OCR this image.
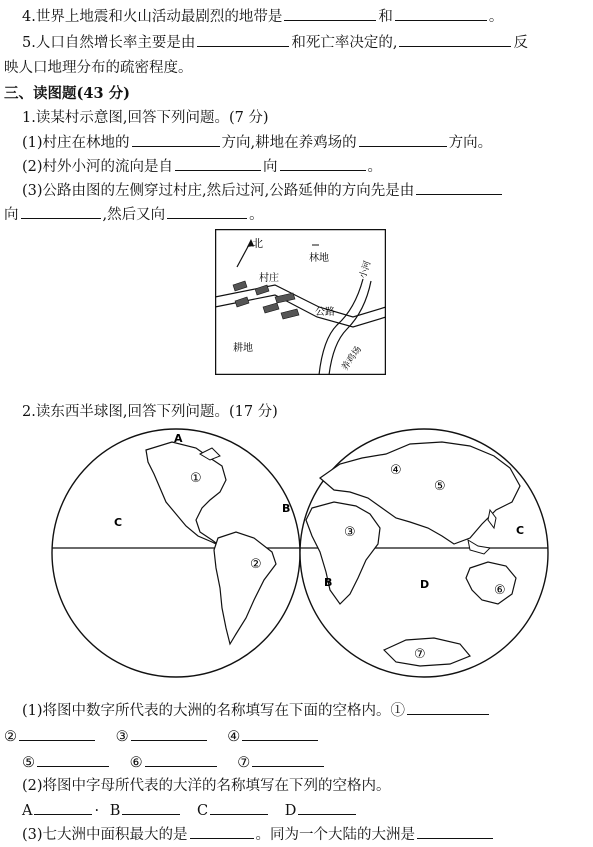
4.世界上地震和火山活动最剧烈的地带是	和	。
5.人口自然增长率主要是由	和死亡率决定的,	反
映人口地理分布的疏密程度。
三、读图题(43 分)
1.读某村示意图,回答下列问题。(7 分)
(1)村庄在林地的	方向,耕地在养鸡场的	方向。
(2)村外小河的流向是自	向	。
(3)公路由图的左侧穿过村庄,然后过河,公路延伸的方向先是由
向	,然后又向	。
北
林地
公路
村庄	小河
养鸡场
耕地
2.读东西半球图,回答下列问题。(17 分)
A
B
C
B
C
D
①
②
③
④
⑤
⑥
⑦
(1)将图中数字所代表的大洲的名称填写在下面的空格内。①
②	③	④
⑤	⑥	⑦
(2)将图中字母所代表的大洋的名称填写在下列的空格内。
A	· B	C	D
(3)七大洲中面积最大的是	。同为一个大陆的大洲是
